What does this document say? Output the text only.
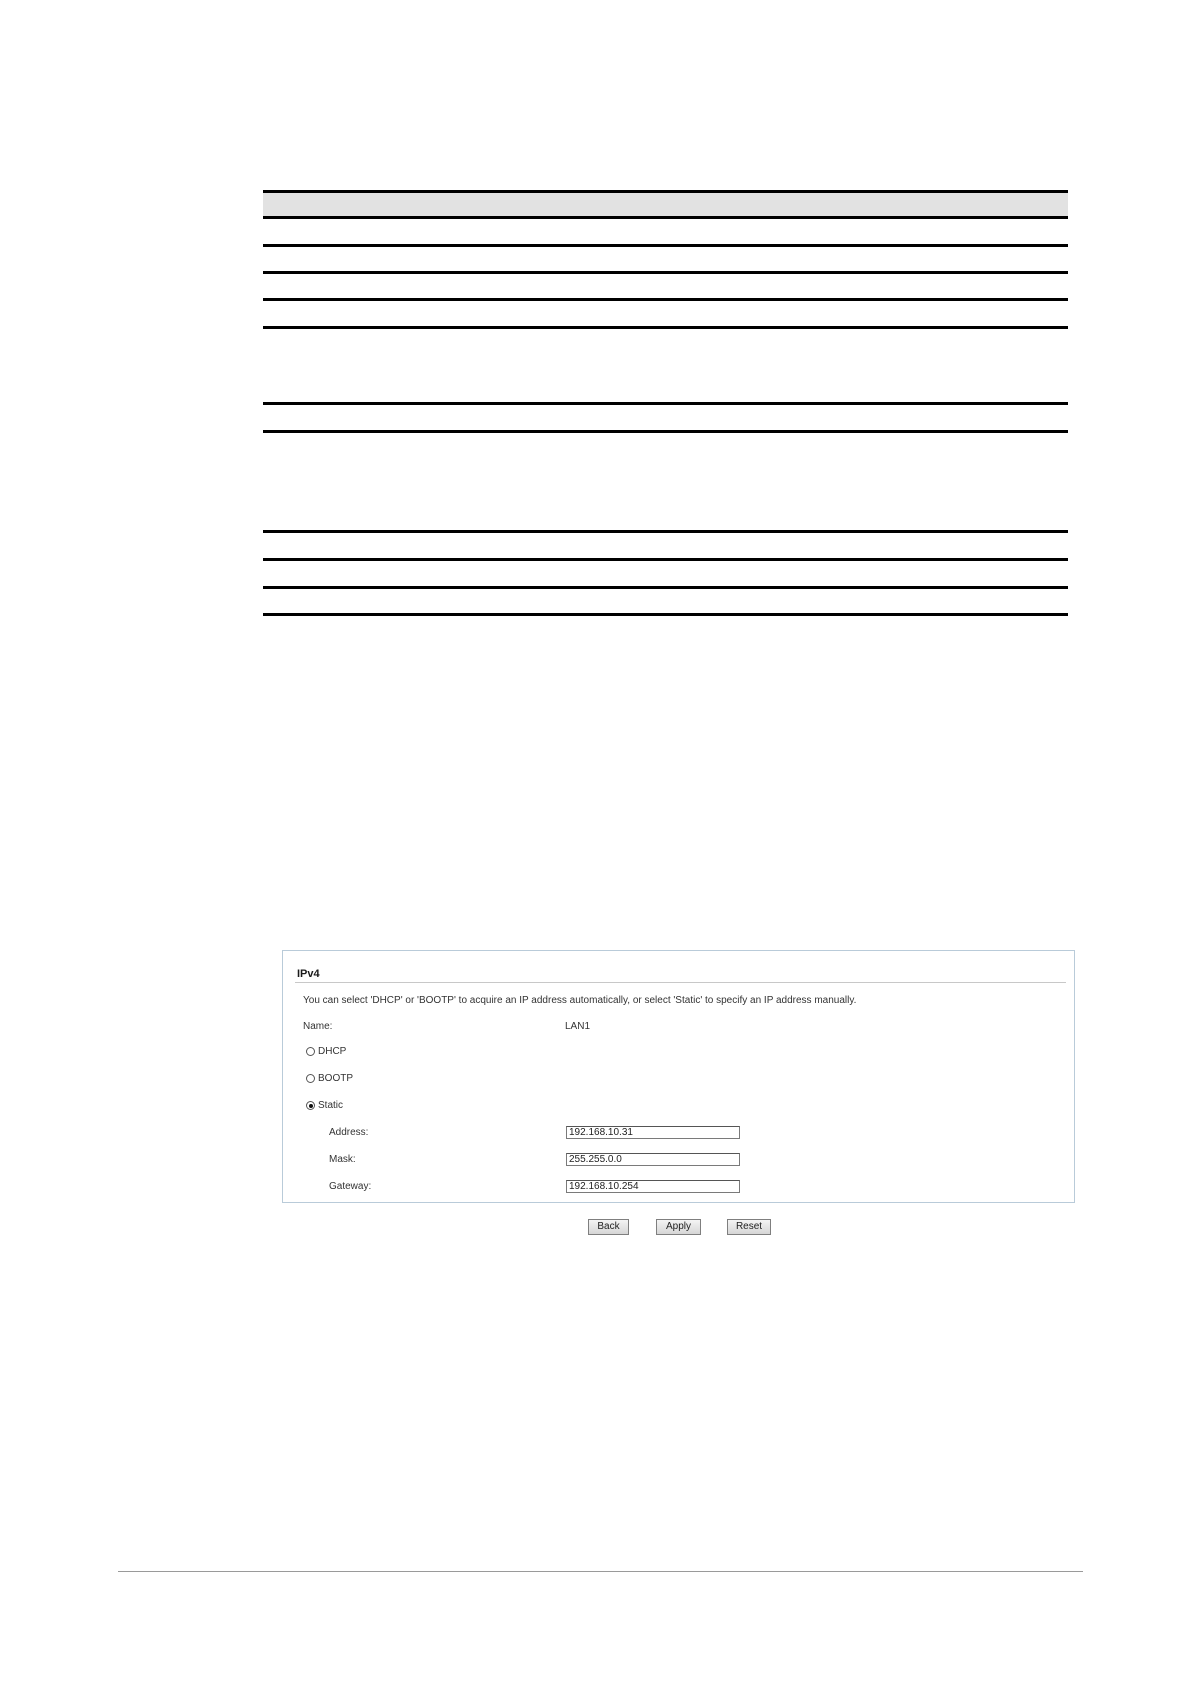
IPv4
You can select 'DHCP' or 'BOOTP' to acquire an IP address automatically, or select 'Static' to specify an IP address manually.
Name:	LAN1
DHCP
BOOTP
Static
Address:
192.168.10.31
Mask:
255.255.0.0
Gateway:
192.168.10.254
Back	Apply	Reset
